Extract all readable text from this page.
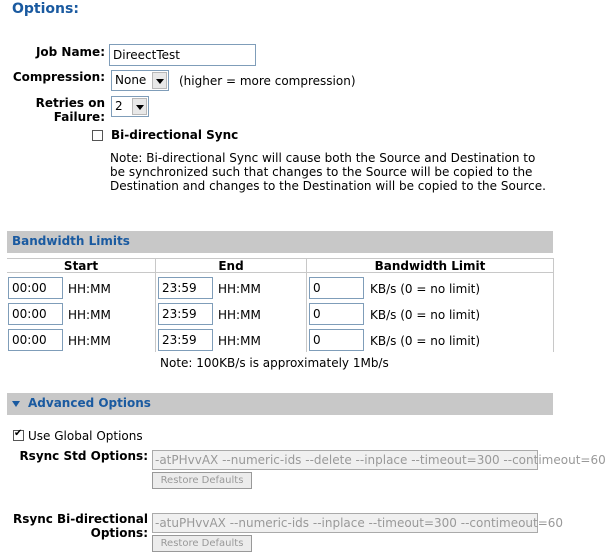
Options:
Job Name: DireectTest
Compression: None	(higher = more compression)
Retries on
Failure:
2
Bi-directional Sync
Note: Bi-directional Sync will cause both the Source and Destination to be synchronized such that changes to the Source will be copied to the Destination and changes to the Destination will be copied to the Source.
Bandwidth Limits
Start	End	Bandwidth Limit
00:00	HH:MM	23:59	HH:MM	0	KB/s (0 = no limit)
00:00	HH:MM	23:59	HH:MM	0	KB/s (0 = no limit)
00:00	HH:MM	23:59	HH:MM	0	KB/s (0 = no limit)
Note: 100KB/s is approximately 1Mb/s
Advanced Options
✔
Use Global Options
Rsync Std Options: -atPHvvAX --numeric-ids --delete --inplace --timeout=300 --contimeout=60
Restore Defaults
Rsync Bi-directional
Options:
-atuPHvvAX --numeric-ids --inplace --timeout=300 --contimeout=60
Restore Defaults
